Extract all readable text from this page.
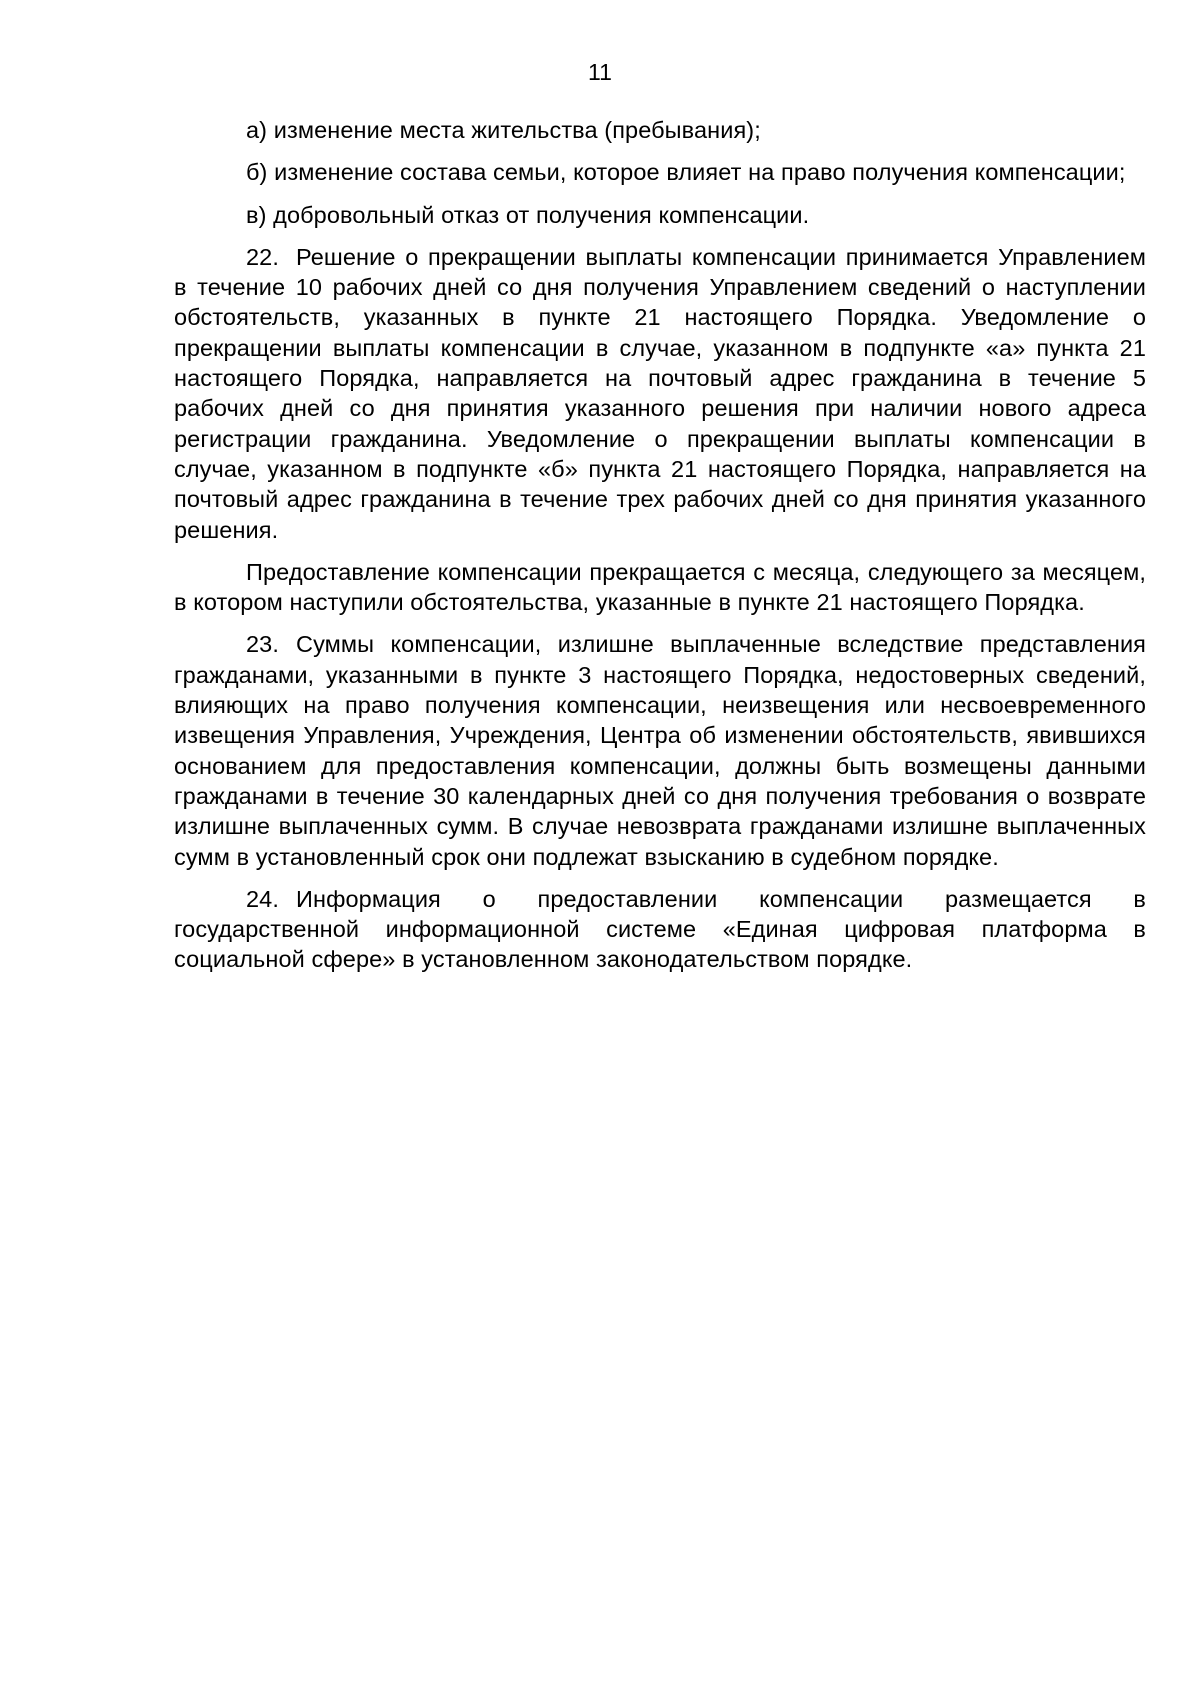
11

а) изменение места жительства (пребывания);

б) изменение состава семьи, которое влияет на право получения компенсации;

в) добровольный отказ от получения компенсации.

22. Решение о прекращении выплаты компенсации принимается Управлением в течение 10 рабочих дней со дня получения Управлением сведений о наступлении обстоятельств, указанных в пункте 21 настоящего Порядка. Уведомление о прекращении выплаты компенсации в случае, указанном в подпункте «а» пункта 21 настоящего Порядка, направляется на почтовый адрес гражданина в течение 5 рабочих дней со дня принятия указанного решения при наличии нового адреса регистрации гражданина. Уведомление о прекращении выплаты компенсации в случае, указанном в подпункте «б» пункта 21 настоящего Порядка, направляется на почтовый адрес гражданина в течение трех рабочих дней со дня принятия указанного решения.

Предоставление компенсации прекращается с месяца, следующего за месяцем, в котором наступили обстоятельства, указанные в пункте 21 настоящего Порядка.

23. Суммы компенсации, излишне выплаченные вследствие представления гражданами, указанными в пункте 3 настоящего Порядка, недостоверных сведений, влияющих на право получения компенсации, неизвещения или несвоевременного извещения Управления, Учреждения, Центра об изменении обстоятельств, явившихся основанием для предоставления компенсации, должны быть возмещены данными гражданами в течение 30 календарных дней со дня получения требования о возврате излишне выплаченных сумм. В случае невозврата гражданами излишне выплаченных сумм в установленный срок они подлежат взысканию в судебном порядке.

24. Информация о предоставлении компенсации размещается в государственной информационной системе «Единая цифровая платформа в социальной сфере» в установленном законодательством порядке.
